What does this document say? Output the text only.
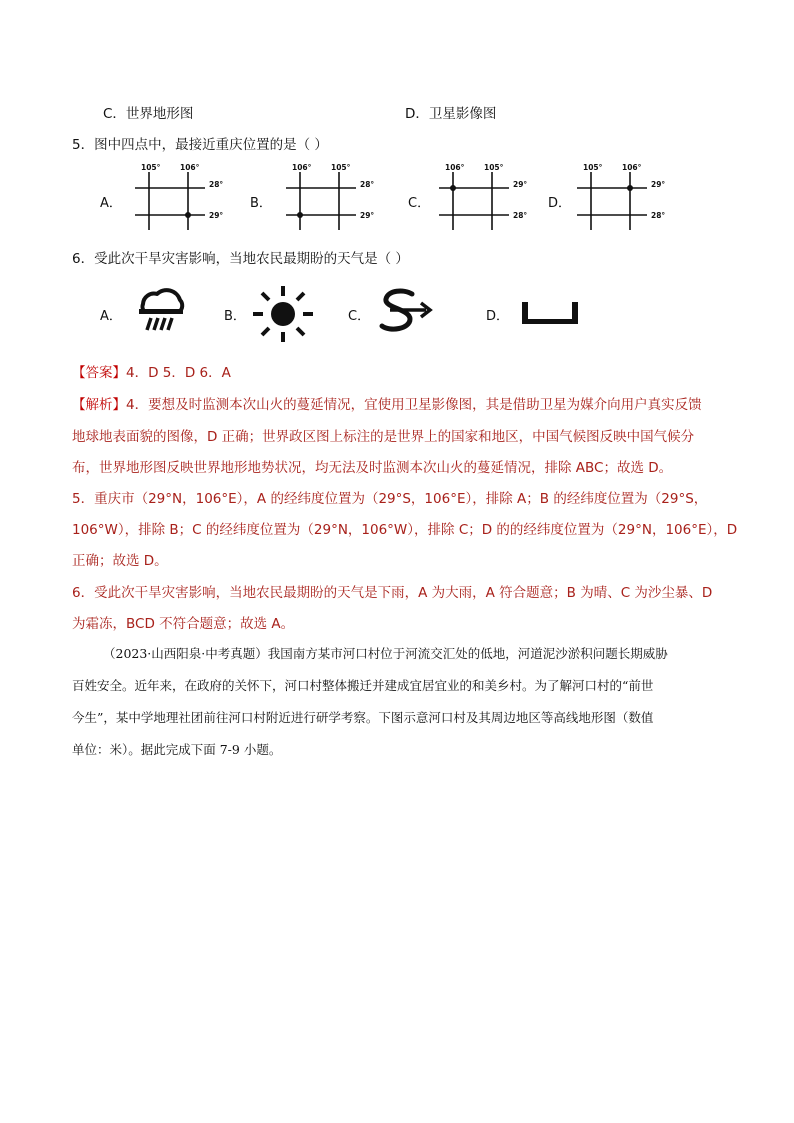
C．世界地形图	D．卫星影像图
5．图中四点中，最接近重庆位置的是（ ）
A．
105°	106°
28°
29°
B．
106°	105°
28°
29°
C．
106°	105°
29°
28°
D．
105°	106°
29°
28°
6．受此次干旱灾害影响，当地农民最期盼的天气是（ ）
A．	B．	C．	D．
【答案】4．D 5．D 6．A
【解析】4．要想及时监测本次山火的蔓延情况，宜使用卫星影像图，其是借助卫星为媒介向用户真实反馈
地球地表面貌的图像，D 正确；世界政区图上标注的是世界上的国家和地区，中国气候图反映中国气候分
布，世界地形图反映世界地形地势状况，均无法及时监测本次山火的蔓延情况，排除 ABC；故选 D。
5．重庆市（29°N，106°E），A 的经纬度位置为（29°S，106°E），排除 A；B 的经纬度位置为（29°S，
106°W），排除 B；C 的经纬度位置为（29°N，106°W），排除 C；D 的的经纬度位置为（29°N，106°E），D
正确；故选 D。
6．受此次干旱灾害影响，当地农民最期盼的天气是下雨，A 为大雨，A 符合题意；B 为晴、C 为沙尘暴、D
为霜冻，BCD 不符合题意；故选 A。
（2023·山西阳泉·中考真题）我国南方某市河口村位于河流交汇处的低地，河道泥沙淤积问题长期威胁
百姓安全。近年来，在政府的关怀下，河口村整体搬迁并建成宜居宜业的和美乡村。为了解河口村的“前世
今生”，某中学地理社团前往河口村附近进行研学考察。下图示意河口村及其周边地区等高线地形图（数值
单位：米）。据此完成下面 7-9 小题。
